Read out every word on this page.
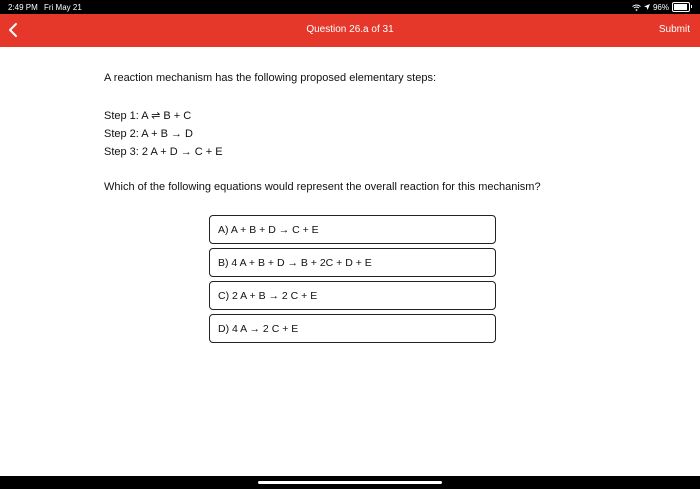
2:49 PM Fri May 21	96%
Question 26.a of 31	Submit

A reaction mechanism has the following proposed elementary steps:

Step 1: A ⇌ B + C
Step 2: A + B → D
Step 3: 2 A + D → C + E
Which of the following equations would represent the overall reaction for this mechanism?
A) A + B + D → C + E
B) 4 A + B + D → B + 2C + D + E
C) 2 A + B → 2 C + E
D) 4 A → 2 C + E
